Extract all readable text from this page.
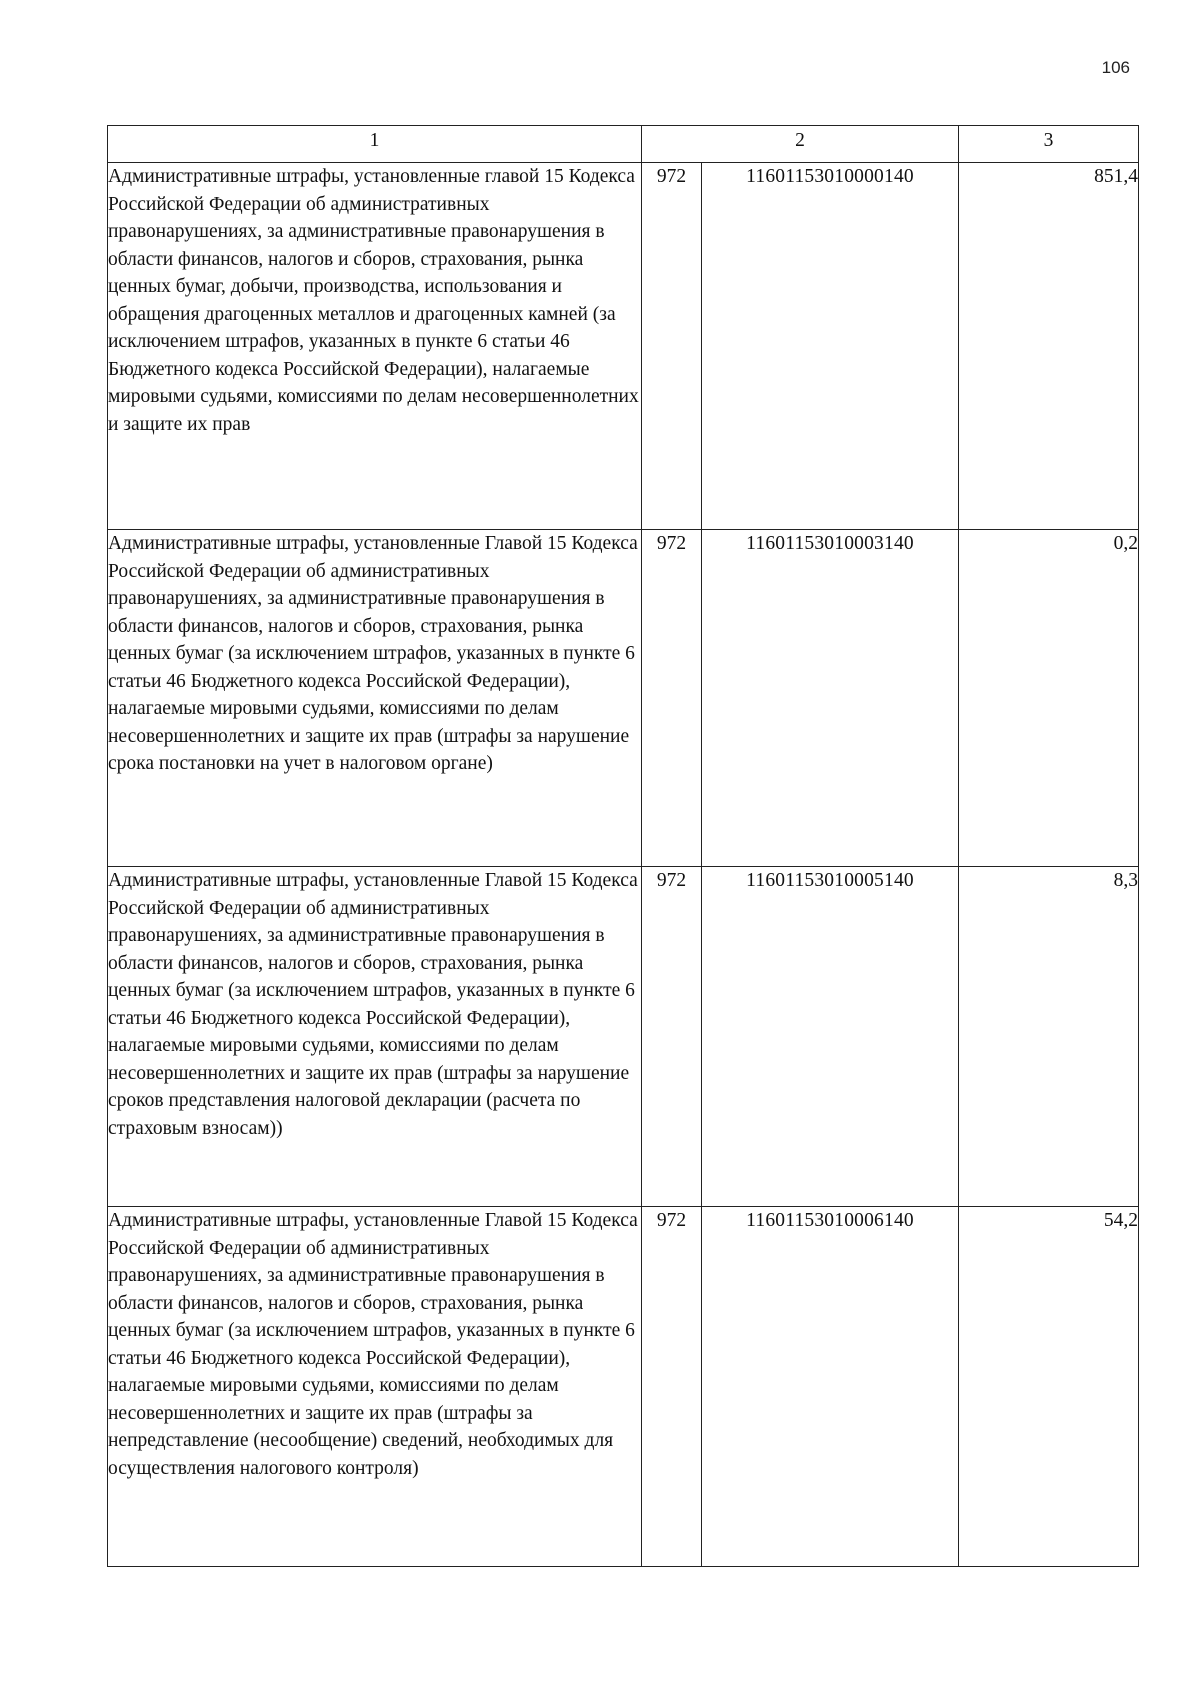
106
1	2		3
Административные штрафы, установленные главой 15 Кодекса Российской Федерации об административных правонарушениях, за административные правонарушения в области финансов, налогов и сборов, страхования, рынка ценных бумаг, добычи, производства, использования и обращения драгоценных металлов и драгоценных камней (за исключением штрафов, указанных в пункте 6 статьи 46 Бюджетного кодекса Российской Федерации), налагаемые мировыми судьями, комиссиями по делам несовершеннолетних и защите их прав	972	11601153010000140	851,4
Административные штрафы, установленные Главой 15 Кодекса Российской Федерации об административных правонарушениях, за административные правонарушения в области финансов, налогов и сборов, страхования, рынка ценных бумаг (за исключением штрафов, указанных в пункте 6 статьи 46 Бюджетного кодекса Российской Федерации), налагаемые мировыми судьями, комиссиями по делам несовершеннолетних и защите их прав (штрафы за нарушение срока постановки на учет в налоговом органе)	972	11601153010003140	0,2
Административные штрафы, установленные Главой 15 Кодекса Российской Федерации об административных правонарушениях, за административные правонарушения в области финансов, налогов и сборов, страхования, рынка ценных бумаг (за исключением штрафов, указанных в пункте 6 статьи 46 Бюджетного кодекса Российской Федерации), налагаемые мировыми судьями, комиссиями по делам несовершеннолетних и защите их прав (штрафы за нарушение сроков представления налоговой декларации (расчета по страховым взносам))	972	11601153010005140	8,3
Административные штрафы, установленные Главой 15 Кодекса Российской Федерации об административных правонарушениях, за административные правонарушения в области финансов, налогов и сборов, страхования, рынка ценных бумаг (за исключением штрафов, указанных в пункте 6 статьи 46 Бюджетного кодекса Российской Федерации), налагаемые мировыми судьями, комиссиями по делам несовершеннолетних и защите их прав (штрафы за непредставление (несообщение) сведений, необходимых для осуществления налогового контроля)	972	11601153010006140	54,2
